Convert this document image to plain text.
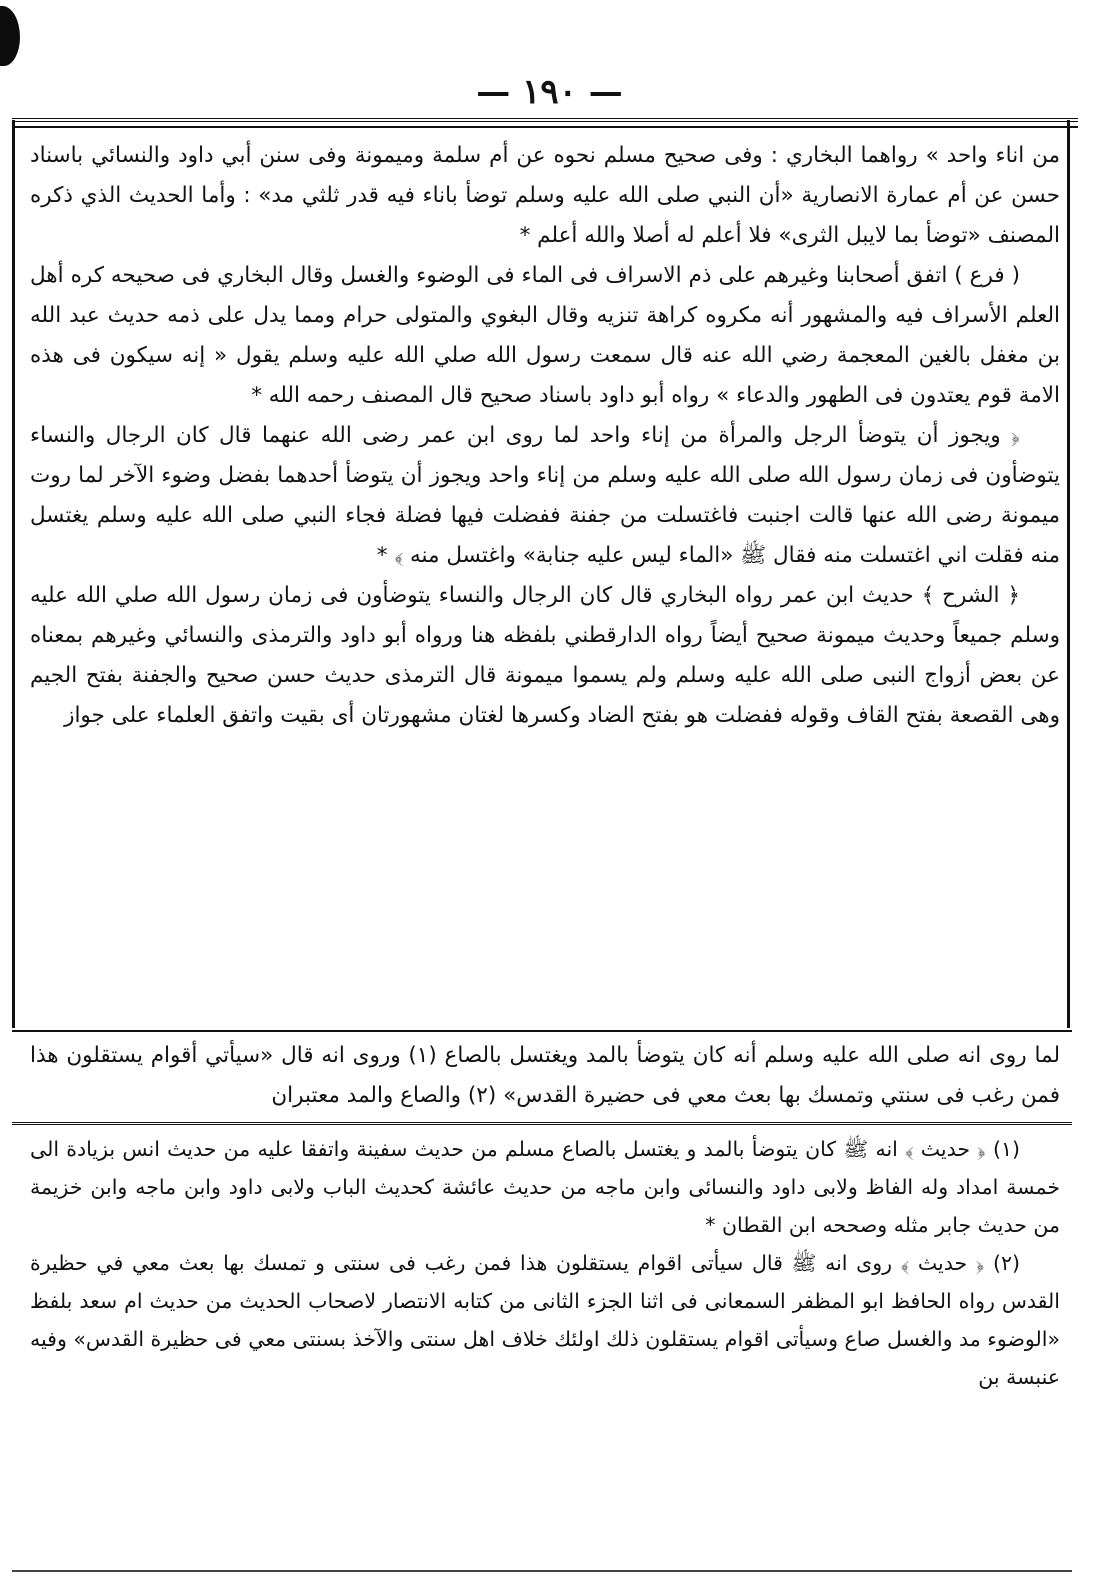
— ١٩٠ —

من اناء واحد » رواهما البخاري : وفى صحيح مسلم نحوه عن أم سلمة وميمونة وفى سنن أبي داود والنسائي باسناد حسن عن أم عمارة الانصارية «أن النبي صلى الله عليه وسلم توضأ باناء فيه قدر ثلثي مد» : وأما الحديث الذي ذكره المصنف «توضأ بما لايبل الثرى» فلا أعلم له أصلا والله أعلم *

( فرع ) اتفق أصحابنا وغيرهم على ذم الاسراف فى الماء فى الوضوء والغسل وقال البخاري فى صحيحه كره أهل العلم الأسراف فيه والمشهور أنه مكروه كراهة تنزيه وقال البغوي والمتولى حرام ومما يدل على ذمه حديث عبد الله بن مغفل بالغين المعجمة رضي الله عنه قال سمعت رسول الله صلي الله عليه وسلم يقول « إنه سيكون فى هذه الامة قوم يعتدون فى الطهور والدعاء » رواه أبو داود باسناد صحيح قال المصنف رحمه الله *

﴿ ويجوز أن يتوضأ الرجل والمرأة من إناء واحد لما روى ابن عمر رضى الله عنهما قال كان الرجال والنساء يتوضأون فى زمان رسول الله صلى الله عليه وسلم من إناء واحد ويجوز أن يتوضأ أحدهما بفضل وضوء الآخر لما روت ميمونة رضى الله عنها قالت اجنبت فاغتسلت من جفنة ففضلت فيها فضلة فجاء النبي صلى الله عليه وسلم يغتسل منه فقلت اني اغتسلت منه فقال ﷺ «الماء ليس عليه جنابة» واغتسل منه ﴾ *

﴿ الشرح ﴾ حديث ابن عمر رواه البخاري قال كان الرجال والنساء يتوضأون فى زمان رسول الله صلي الله عليه وسلم جميعاً وحديث ميمونة صحيح أيضاً رواه الدارقطني بلفظه هنا ورواه أبو داود والترمذى والنسائي وغيرهم بمعناه عن بعض أزواج النبى صلى الله عليه وسلم ولم يسموا ميمونة قال الترمذى حديث حسن صحيح والجفنة بفتح الجيم وهى القصعة بفتح القاف وقوله ففضلت هو بفتح الضاد وكسرها لغتان مشهورتان أى بقيت واتفق العلماء على جواز

لما روى انه صلى الله عليه وسلم أنه كان يتوضأ بالمد ويغتسل بالصاع (١) وروى انه قال «سيأتي أقوام يستقلون هذا فمن رغب فى سنتي وتمسك بها بعث معي فى حضيرة القدس» (٢) والصاع والمد معتبران

(١) ﴿ حديث ﴾ انه ﷺ كان يتوضأ بالمد و يغتسل بالصاع مسلم من حديث سفينة واتفقا عليه من حديث انس بزيادة الى خمسة امداد وله الفاظ ولابى داود والنسائى وابن ماجه من حديث عائشة كحديث الباب ولابى داود وابن ماجه وابن خزيمة من حديث جابر مثله وصححه ابن القطان *

(٢) ﴿ حديث ﴾ روى انه ﷺ قال سيأتى اقوام يستقلون هذا فمن رغب فى سنتى و تمسك بها بعث معي في حظيرة القدس رواه الحافظ ابو المظفر السمعانى فى اثنا الجزء الثانى من كتابه الانتصار لاصحاب الحديث من حديث ام سعد بلفظ «الوضوء مد والغسل صاع وسيأتى اقوام يستقلون ذلك اولئك خلاف اهل سنتى والآخذ بسنتى معي فى حظيرة القدس» وفيه عنبسة بن
